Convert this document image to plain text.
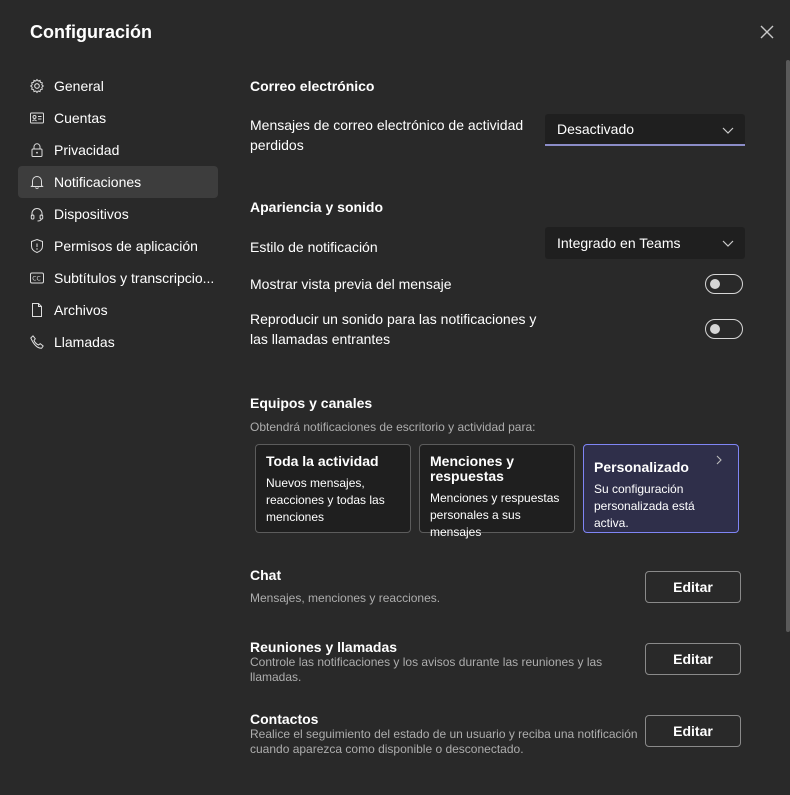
Configuración
General
Cuentas
Privacidad
Notificaciones
Dispositivos
Permisos de aplicación
CC Subtítulos y transcripcio...
Archivos
Llamadas
Correo electrónico
Mensajes de correo electrónico de actividad perdidos
Desactivado
Apariencia y sonido
Estilo de notificación	Integrado en Teams
Mostrar vista previa del mensaje
Reproducir un sonido para las notificaciones y las llamadas entrantes
Equipos y canales
Obtendrá notificaciones de escritorio y actividad para:
Toda la actividad
Nuevos mensajes, reacciones y todas las menciones
Menciones y respuestas
Menciones y respuestas personales a sus mensajes
Personalizado
Su configuración personalizada está activa.
Chat
Mensajes, menciones y reacciones.
Editar
Reuniones y llamadas
Controle las notificaciones y los avisos durante las reuniones y las llamadas.
Editar
Contactos
Realice el seguimiento del estado de un usuario y reciba una notificación cuando aparezca como disponible o desconectado.
Editar
